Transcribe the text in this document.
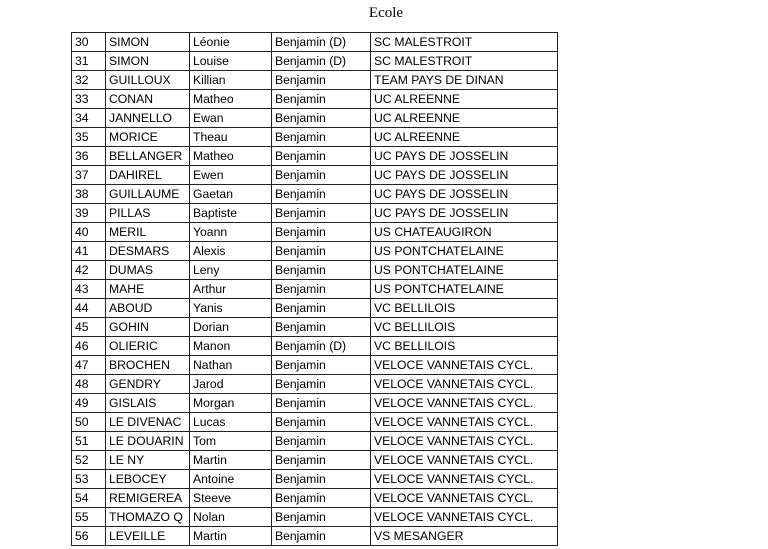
Ecole
30	SIMON	Léonie	Benjamin (D)	SC MALESTROIT
31	SIMON	Louise	Benjamin (D)	SC MALESTROIT
32	GUILLOUX	Killian	Benjamin	TEAM PAYS DE DINAN
33	CONAN	Matheo	Benjamin	UC ALREENNE
34	JANNELLO	Ewan	Benjamin	UC ALREENNE
35	MORICE	Theau	Benjamin	UC ALREENNE
36	BELLANGER	Matheo	Benjamin	UC PAYS DE JOSSELIN
37	DAHIREL	Ewen	Benjamin	UC PAYS DE JOSSELIN
38	GUILLAUME	Gaetan	Benjamin	UC PAYS DE JOSSELIN
39	PILLAS	Baptiste	Benjamin	UC PAYS DE JOSSELIN
40	MERIL	Yoann	Benjamin	US CHATEAUGIRON
41	DESMARS	Alexis	Benjamin	US PONTCHATELAINE
42	DUMAS	Leny	Benjamin	US PONTCHATELAINE
43	MAHE	Arthur	Benjamin	US PONTCHATELAINE
44	ABOUD	Yanis	Benjamin	VC BELLILOIS
45	GOHIN	Dorian	Benjamin	VC BELLILOIS
46	OLIERIC	Manon	Benjamin (D)	VC BELLILOIS
47	BROCHEN	Nathan	Benjamin	VELOCE VANNETAIS CYCL.
48	GENDRY	Jarod	Benjamin	VELOCE VANNETAIS CYCL.
49	GISLAIS	Morgan	Benjamin	VELOCE VANNETAIS CYCL.
50	LE DIVENAC	Lucas	Benjamin	VELOCE VANNETAIS CYCL.
51	LE DOUARIN	Tom	Benjamin	VELOCE VANNETAIS CYCL.
52	LE NY	Martin	Benjamin	VELOCE VANNETAIS CYCL.
53	LEBOCEY	Antoine	Benjamin	VELOCE VANNETAIS CYCL.
54	REMIGEREA	Steeve	Benjamin	VELOCE VANNETAIS CYCL.
55	THOMAZO Q	Nolan	Benjamin	VELOCE VANNETAIS CYCL.
56	LEVEILLE	Martin	Benjamin	VS MESANGER
